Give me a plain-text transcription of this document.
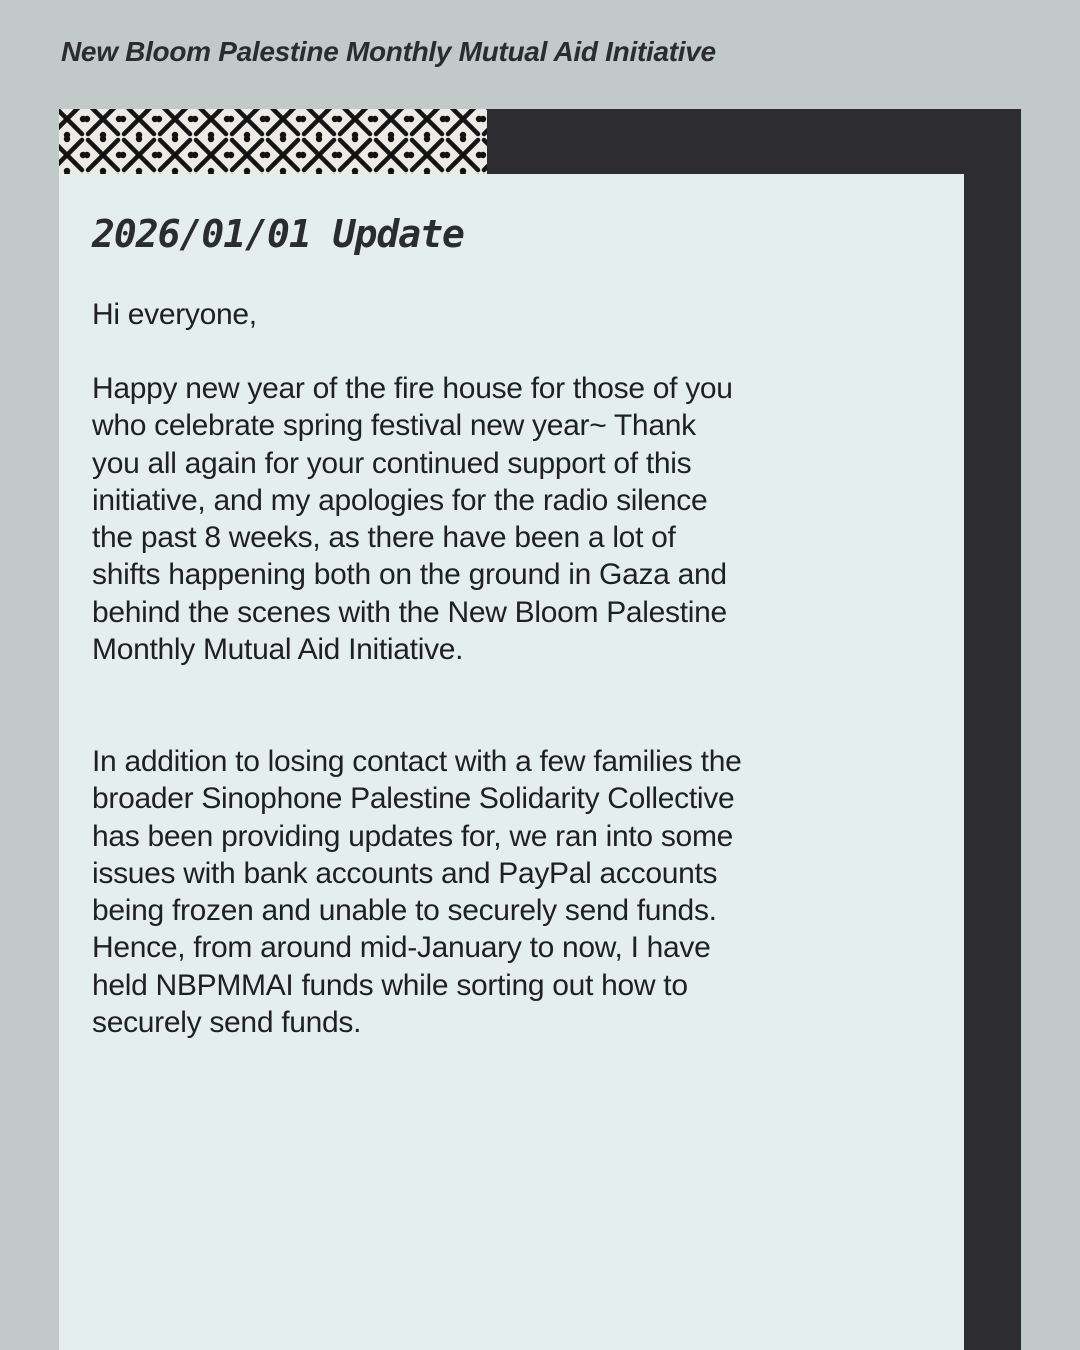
New Bloom Palestine Monthly Mutual Aid Initiative
2026/01/01 Update

Hi everyone,

Happy new year of the fire house for those of you who celebrate spring festival new year~ Thank you all again for your continued support of this initiative, and my apologies for the radio silence the past 8 weeks, as there have been a lot of shifts happening both on the ground in Gaza and behind the scenes with the New Bloom Palestine Monthly Mutual Aid Initiative.

In addition to losing contact with a few families the broader Sinophone Palestine Solidarity Collective has been providing updates for, we ran into some issues with bank accounts and PayPal accounts being frozen and unable to securely send funds. Hence, from around mid-January to now, I have held NBPMMAI funds while sorting out how to securely send funds.
